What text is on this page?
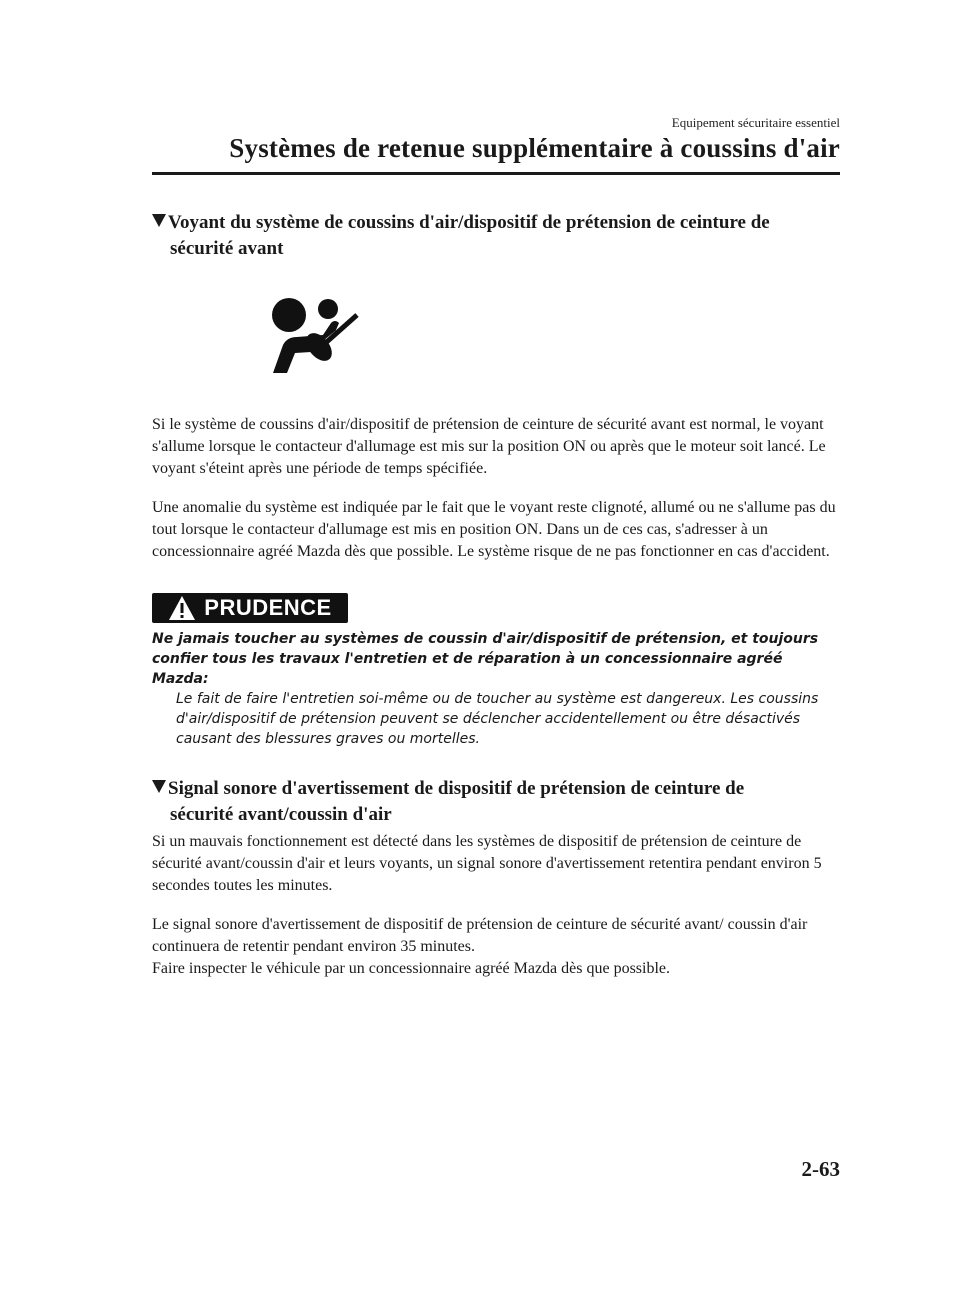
Equipement sécuritaire essentiel
Systèmes de retenue supplémentaire à coussins d'air
Voyant du système de coussins d'air/dispositif de prétension de ceinture de
sécurité avant

Si le système de coussins d'air/dispositif de prétension de ceinture de sécurité avant est normal, le voyant s'allume lorsque le contacteur d'allumage est mis sur la position ON ou après que le moteur soit lancé. Le voyant s'éteint après une période de temps spécifiée.

Une anomalie du système est indiquée par le fait que le voyant reste clignoté, allumé ou ne s'allume pas du tout lorsque le contacteur d'allumage est mis en position ON. Dans un de ces cas, s'adresser à un concessionnaire agréé Mazda dès que possible. Le système risque de ne pas fonctionner en cas d'accident.

PRUDENCE
Ne jamais toucher au systèmes de coussin d'air/dispositif de prétension, et toujours confier tous les travaux l'entretien et de réparation à un concessionnaire agréé Mazda:
Le fait de faire l'entretien soi-même ou de toucher au système est dangereux. Les coussins d'air/dispositif de prétension peuvent se déclencher accidentellement ou être désactivés causant des blessures graves ou mortelles.
Signal sonore d'avertissement de dispositif de prétension de ceinture de
sécurité avant/coussin d'air

Si un mauvais fonctionnement est détecté dans les systèmes de dispositif de prétension de ceinture de sécurité avant/coussin d'air et leurs voyants, un signal sonore d'avertissement retentira pendant environ 5 secondes toutes les minutes.

Le signal sonore d'avertissement de dispositif de prétension de ceinture de sécurité avant/ coussin d'air continuera de retentir pendant environ 35 minutes.

Faire inspecter le véhicule par un concessionnaire agréé Mazda dès que possible.

2-63
